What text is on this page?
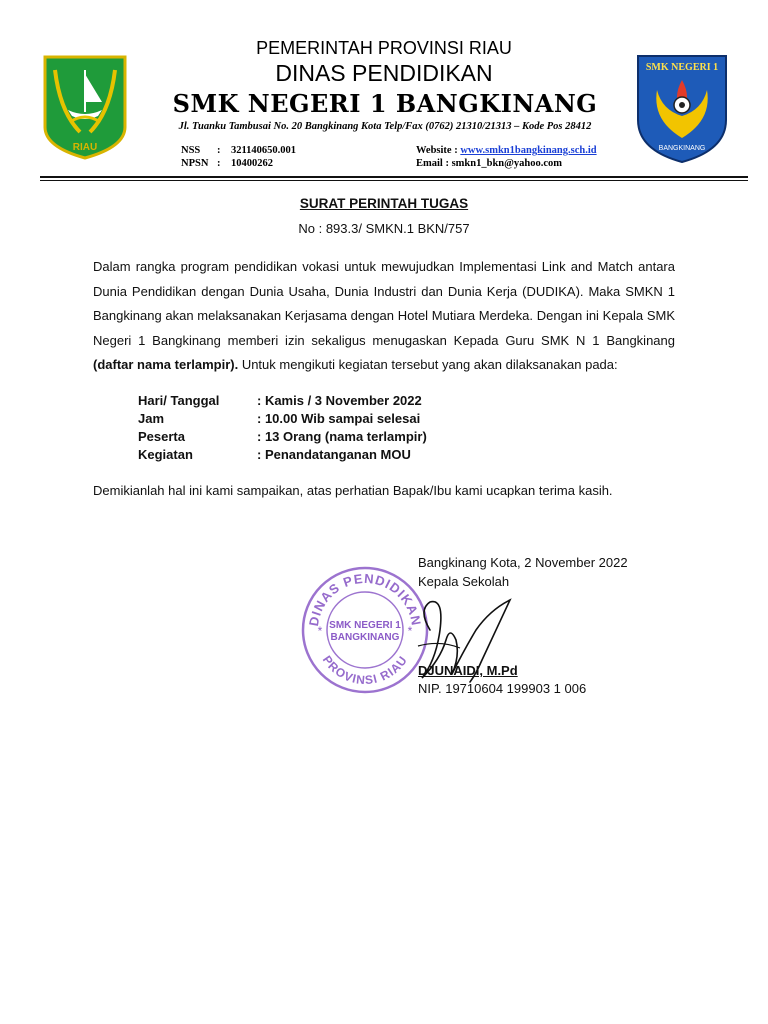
RIAU
SMK NEGERI 1
BANGKINANG
PEMERINTAH PROVINSI RIAU
DINAS PENDIDIKAN
SMK NEGERI 1 BANGKINANG
Jl. Tuanku Tambusai No. 20 Bangkinang Kota Telp/Fax (0762) 21310/21313 – Kode Pos 28412
NSS : 321140650.001
NPSN : 10400262
Website : www.smkn1bangkinang.sch.id
Email : smkn1_bkn@yahoo.com
SURAT PERINTAH TUGAS
No : 893.3/ SMKN.1 BKN/757
Dalam rangka program pendidikan vokasi untuk mewujudkan Implementasi Link and Match antara Dunia Pendidikan dengan Dunia Usaha, Dunia Industri dan Dunia Kerja (DUDIKA). Maka SMKN 1 Bangkinang akan melaksanakan Kerjasama dengan Hotel Mutiara Merdeka. Dengan ini Kepala SMK Negeri 1 Bangkinang memberi izin sekaligus menugaskan Kepada Guru SMK N 1 Bangkinang (daftar nama terlampir). Untuk mengikuti kegiatan tersebut yang akan dilaksanakan pada:
Hari/ Tanggal	: Kamis / 3 November 2022
Jam	: 10.00 Wib sampai selesai
Peserta	: 13 Orang (nama terlampir)
Kegiatan	: Penandatanganan MOU
Demikianlah hal ini kami sampaikan, atas perhatian Bapak/Ibu kami ucapkan terima kasih.
DINAS PENDIDIKAN
PROVINSI RIAU
SMK NEGERI 1
BANGKINANG
*	*
Bangkinang Kota, 2 November 2022
Kepala Sekolah
DJUNAIDI, M.Pd
NIP. 19710604 199903 1 006
